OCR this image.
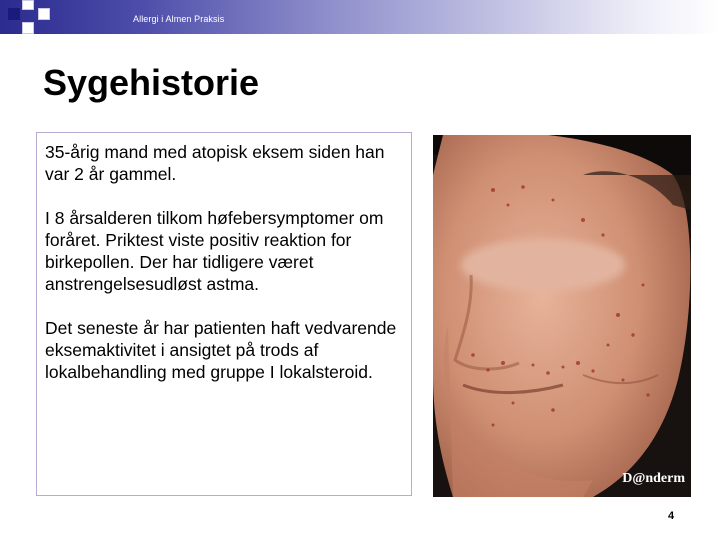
Allergi i Almen Praksis
Sygehistorie

35-årig mand med atopisk eksem siden han var 2 år gammel.

I 8 årsalderen tilkom høfebersymptomer om foråret. Priktest viste positiv reaktion for birkepollen. Der har tidligere været anstrengelsesudløst astma.

Det seneste år har patienten haft vedvarende eksemaktivitet i ansigtet på trods af lokalbehandling med gruppe I lokalsteroid.

D@nderm
4
